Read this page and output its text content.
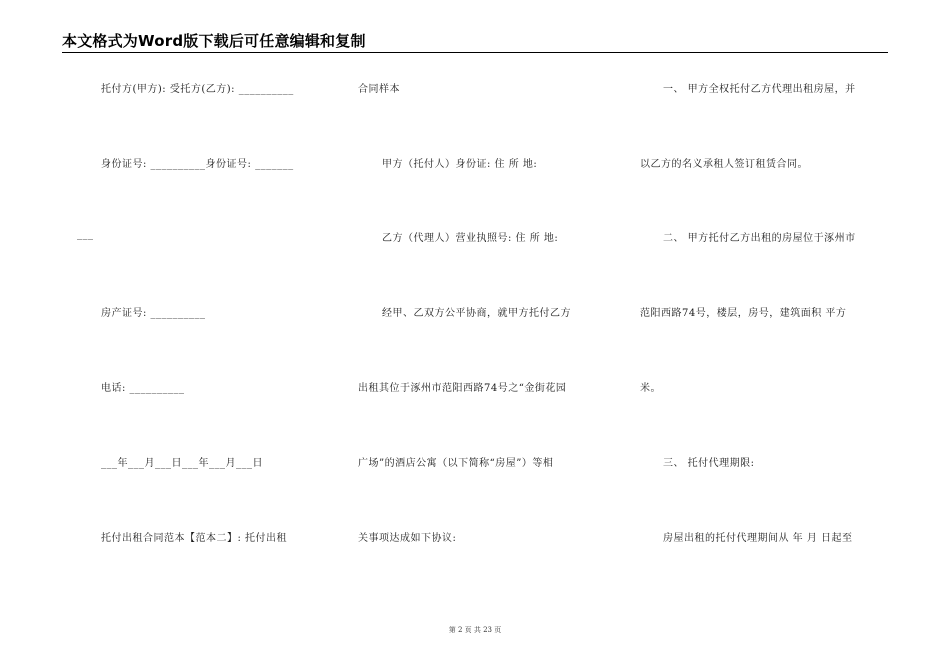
本文格式为Word版下载后可任意编辑和复制
托付方(甲方): 受托方(乙方): __________
身份证号: __________身份证号: _______
___
房产证号: __________
电话: __________
___年___月___日___年___月___日
托付出租合同范本【范本二】: 托付出租
合同样本
甲方（托付人）身份证: 住 所 地:
乙方（代理人）营业执照号: 住 所 地:
经甲、乙双方公平协商，就甲方托付乙方
出租其位于涿州市范阳西路74号之“金街花园
广场”的酒店公寓（以下简称“房屋”）等相
关事项达成如下协议:
一、 甲方全权托付乙方代理出租房屋，并
以乙方的名义承租人签订租赁合同。
二、 甲方托付乙方出租的房屋位于涿州市
范阳西路74号，楼层，房号，建筑面积 平方
米。
三、 托付代理期限:
房屋出租的托付代理期间从 年 月 日起至
第 2 页 共 23 页
